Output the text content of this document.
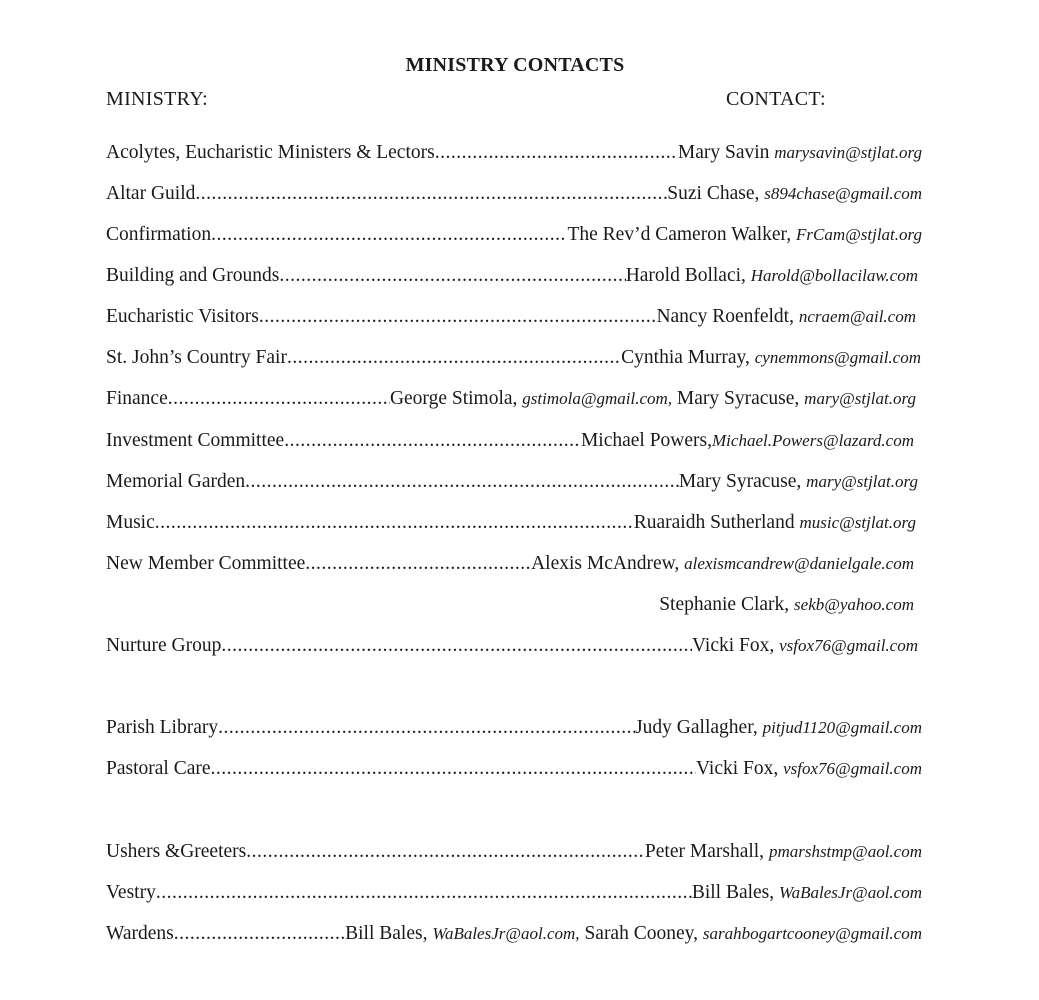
MINISTRY CONTACTS
MINISTRY:	CONTACT:
Acolytes, Eucharistic Ministers & Lectors .....	Mary Savin marysavin@stjlat.org
Altar Guild .....	Suzi Chase, s894chase@gmail.com
Confirmation .....	The Rev’d Cameron Walker, FrCam@stjlat.org
Building and Grounds .....	Harold Bollaci, Harold@bollacilaw.com
Eucharistic Visitors .....	Nancy Roenfeldt, ncraem@ail.com
St. John’s Country Fair .....	Cynthia Murray, cynemmons@gmail.com
Finance .....	George Stimola, gstimola@gmail.com, Mary Syracuse, mary@stjlat.org
Investment Committee .....	Michael Powers,Michael.Powers@lazard.com
Memorial Garden .....	Mary Syracuse, mary@stjlat.org
Music .....	Ruaraidh Sutherland music@stjlat.org
New Member Committee .....	Alexis McAndrew, alexismcandrew@danielgale.com
Stephanie Clark, sekb@yahoo.com
Nurture Group .....	Vicki Fox, vsfox76@gmail.com
Parish Library .....	Judy Gallagher, pitjud1120@gmail.com
Pastoral Care .....	Vicki Fox, vsfox76@gmail.com
Ushers &Greeters .....	Peter Marshall, pmarshstmp@aol.com
Vestry .....	Bill Bales, WaBalesJr@aol.com
Wardens .....	Bill Bales, WaBalesJr@aol.com, Sarah Cooney, sarahbogartcooney@gmail.com
